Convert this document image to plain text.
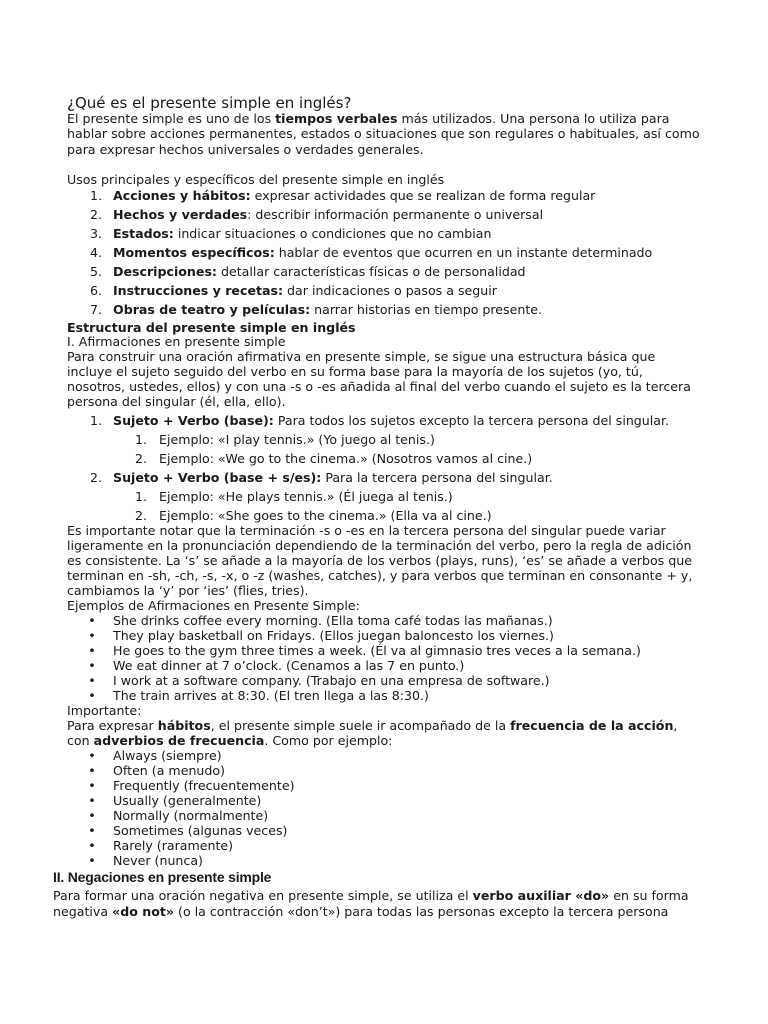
¿Qué es el presente simple en inglés?
El presente simple es uno de los tiempos verbales más utilizados. Una persona lo utiliza para
hablar sobre acciones permanentes, estados o situaciones que son regulares o habituales, así como
para expresar hechos universales o verdades generales.
Usos principales y específicos del presente simple en inglés
1. Acciones y hábitos: expresar actividades que se realizan de forma regular
2. Hechos y verdades: describir información permanente o universal
3. Estados: indicar situaciones o condiciones que no cambian
4. Momentos específicos: hablar de eventos que ocurren en un instante determinado
5. Descripciones: detallar características físicas o de personalidad
6. Instrucciones y recetas: dar indicaciones o pasos a seguir
7. Obras de teatro y películas: narrar historias en tiempo presente.
Estructura del presente simple en inglés
I. Afirmaciones en presente simple
Para construir una oración afirmativa en presente simple, se sigue una estructura básica que
incluye el sujeto seguido del verbo en su forma base para la mayoría de los sujetos (yo, tú,
nosotros, ustedes, ellos) y con una -s o -es añadida al final del verbo cuando el sujeto es la tercera
persona del singular (él, ella, ello).
1. Sujeto + Verbo (base): Para todos los sujetos excepto la tercera persona del singular.
1. Ejemplo: «I play tennis.» (Yo juego al tenis.)
2. Ejemplo: «We go to the cinema.» (Nosotros vamos al cine.)
2. Sujeto + Verbo (base + s/es): Para la tercera persona del singular.
1. Ejemplo: «He plays tennis.» (Él juega al tenis.)
2. Ejemplo: «She goes to the cinema.» (Ella va al cine.)
Es importante notar que la terminación -s o -es en la tercera persona del singular puede variar
ligeramente en la pronunciación dependiendo de la terminación del verbo, pero la regla de adición
es consistente. La ‘s’ se añade a la mayoría de los verbos (plays, runs), ‘es’ se añade a verbos que
terminan en -sh, -ch, -s, -x, o -z (washes, catches), y para verbos que terminan en consonante + y,
cambiamos la ‘y’ por ‘ies’ (flies, tries).
Ejemplos de Afirmaciones en Presente Simple:
• She drinks coffee every morning. (Ella toma café todas las mañanas.)
• They play basketball on Fridays. (Ellos juegan baloncesto los viernes.)
• He goes to the gym three times a week. (Él va al gimnasio tres veces a la semana.)
• We eat dinner at 7 o’clock. (Cenamos a las 7 en punto.)
• I work at a software company. (Trabajo en una empresa de software.)
• The train arrives at 8:30. (El tren llega a las 8:30.)
Importante:
Para expresar hábitos, el presente simple suele ir acompañado de la frecuencia de la acción,
con adverbios de frecuencia. Como por ejemplo:
• Always (siempre)
• Often (a menudo)
• Frequently (frecuentemente)
• Usually (generalmente)
• Normally (normalmente)
• Sometimes (algunas veces)
• Rarely (raramente)
• Never (nunca)
II. Negaciones en presente simple
Para formar una oración negativa en presente simple, se utiliza el verbo auxiliar «do» en su forma
negativa «do not» (o la contracción «don’t») para todas las personas excepto la tercera persona
